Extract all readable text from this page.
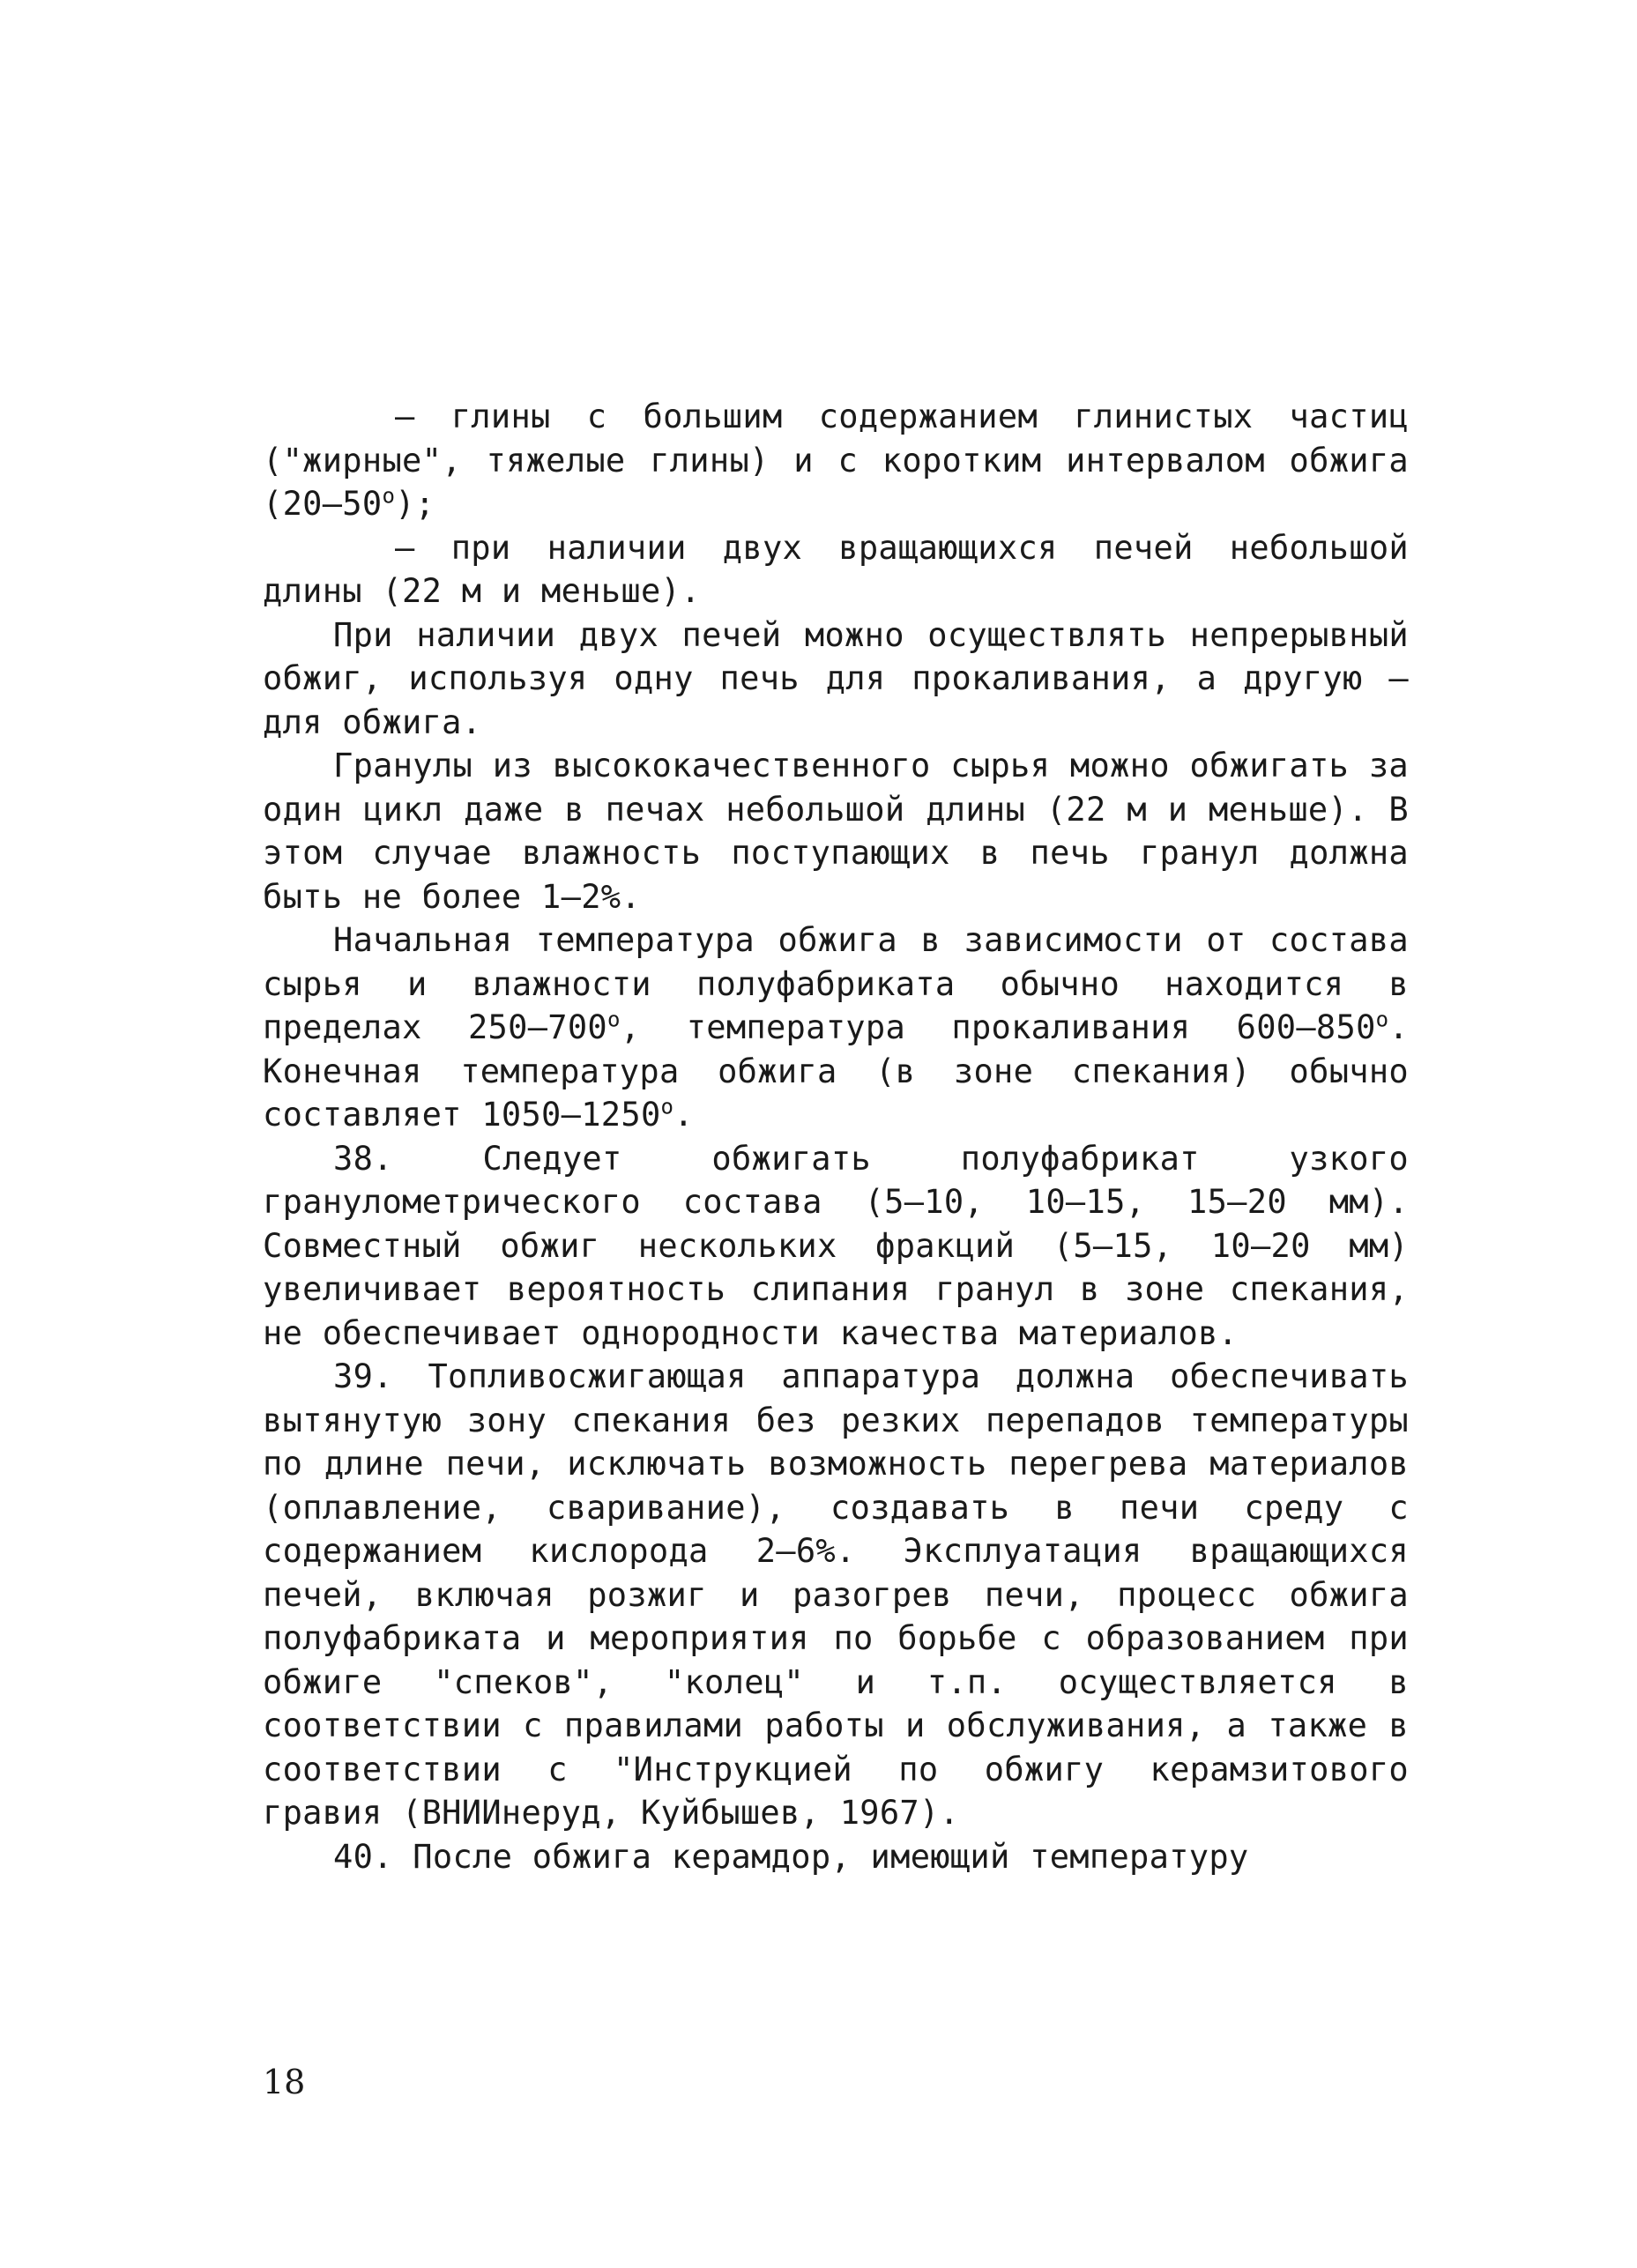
– глины с большим содержанием глинистых частиц ("жирные", тяжелые глины) и с коротким интервалом обжига $(20-50^о)$;

– при наличии двух вращающихся печей небольшой длины (22 м и меньше).

При наличии двух печей можно осуществлять непрерывный обжиг, используя одну печь для прокаливания, а другую – для обжига.

Гранулы из высококачественного сырья можно обжигать за один цикл даже в печах небольшой длины (22 м и меньше). В этом случае влажность поступающих в печь гранул должна быть не более 1–2%.

Начальная температура обжига в зависимости от состава сырья и влажности полуфабриката обычно находится в пределах $250-700^о$, температура прокаливания $600-850^о$. Конечная температура обжига (в зоне спекания) обычно составляет $1050-1250^о$.

38. Следует обжигать полуфабрикат узкого гранулометрического состава (5–10, 10–15, 15–20 мм). Совместный обжиг нескольких фракций (5–15, 10–20 мм) увеличивает вероятность слипания гранул в зоне спекания, не обеспечивает однородности качества материалов.

39. Топливосжигающая аппаратура должна обеспечивать вытянутую зону спекания без резких перепадов температуры по длине печи, исключать возможность перегрева материалов (оплавление, сваривание), создавать в печи среду с содержанием кислорода 2–6%. Эксплуатация вращающихся печей, включая розжиг и разогрев печи, процесс обжига полуфабриката и мероприятия по борьбе с образованием при обжиге "спеков", "колец" и т.п. осуществляется в соответствии с правилами работы и обслуживания, а также в соответствии с "Инструкцией по обжигу керамзитового гравия (ВНИИнеруд, Куйбышев, 1967).

40. После обжига керамдор, имеющий температуру

18
